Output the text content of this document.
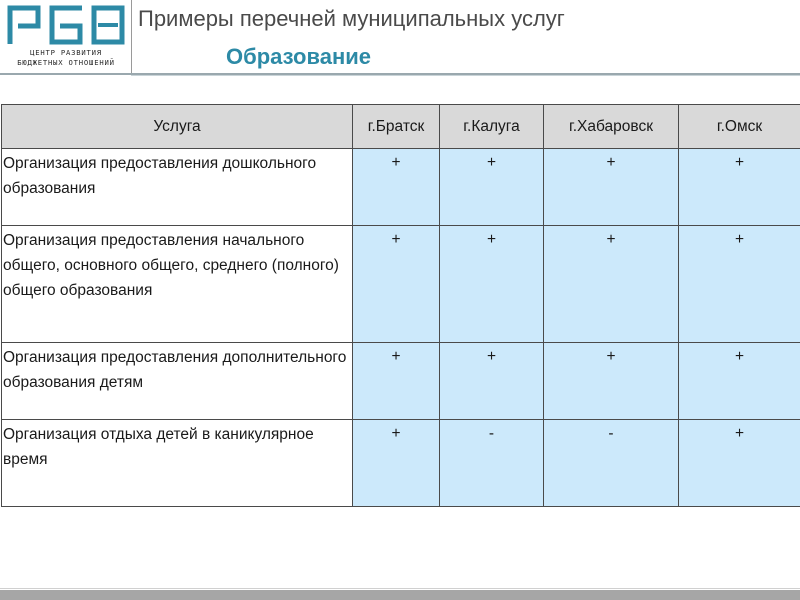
ЦЕНТР РАЗВИТИЯ
БЮДЖЕТНЫХ ОТНОШЕНИЙ
Примеры перечней муниципальных услуг
Образование
Услуга	г.Братск	г.Калуга	г.Хабаровск	г.Омск
Организация предоставления дошкольного образования	+	+	+	+
Организация предоставления начального общего, основного общего, среднего (полного) общего образования	+	+	+	+
Организация предоставления дополнительного образования детям	+	+	+	+
Организация отдыха детей в каникулярное время	+	-	-	+
